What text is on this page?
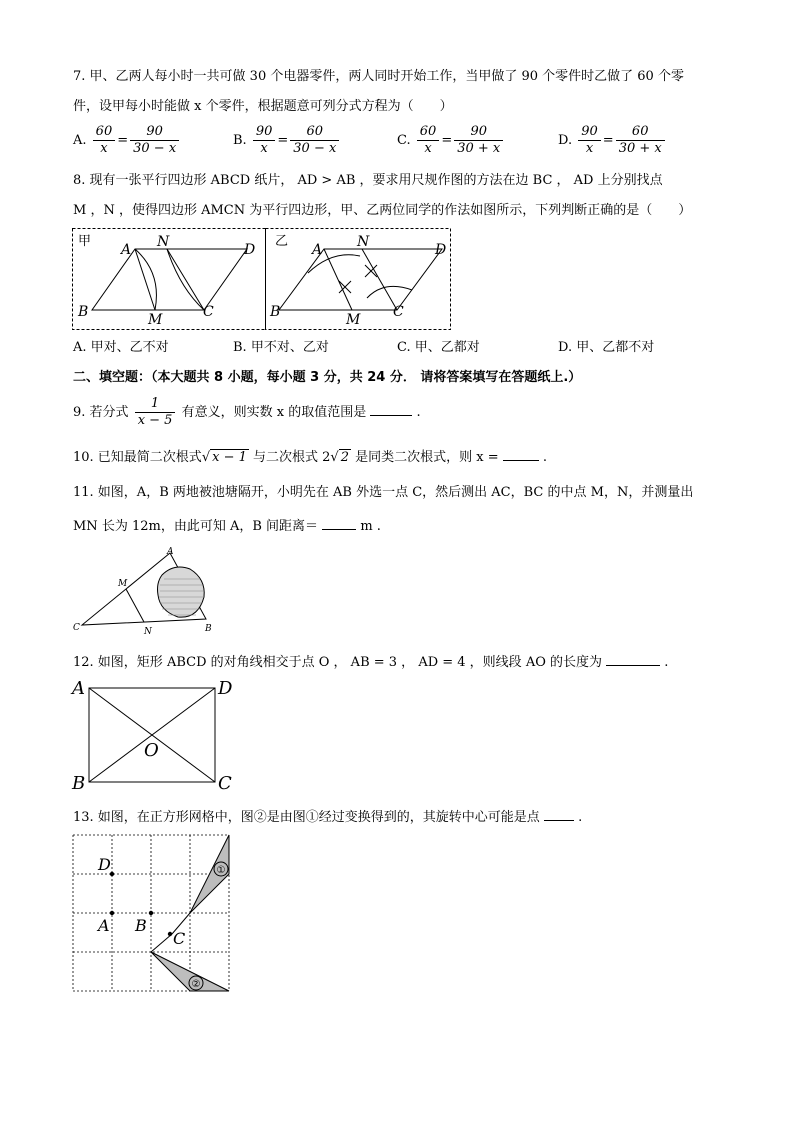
7. 甲、乙两人每小时一共可做 30 个电器零件，两人同时开始工作，当甲做了 90 个零件时乙做了 60 个零
件，设甲每小时能做 x 个零件，根据题意可列分式方程为（　　）
A. $\frac{60}{x} = \frac{90}{30 - x}$	B. $\frac{90}{x} = \frac{60}{30 - x}$	C. $\frac{60}{x} = \frac{90}{30 + x}$	D. $\frac{90}{x} = \frac{60}{30 + x}$
8. 现有一张平行四边形 ABCD 纸片， AD > AB ，要求用尺规作图的方法在边 BC ， AD 上分别找点
M ，N ，使得四边形 AMCN 为平行四边形，甲、乙两位同学的作法如图所示，下列判断正确的是（　　）
甲
A N	D
B	M	C
乙
A N	D
B	M C
A. 甲对、乙不对	B. 甲不对、乙对	C. 甲、乙都对	D. 甲、乙都不对
二、填空题：（本大题共 8 小题，每小题 3 分，共 24 分． 请将答案填写在答题纸上.）
9. 若分式 $\frac{1}{x - 5}$ 有意义，则实数 x 的取值范围是	.
10. 已知最简二次根式√ x − 1 与二次根式 2√ 2 是同类二次根式，则 x =	.
11. 如图，A，B 两地被池塘隔开，小明先在 AB 外选一点 C，然后测出 AC，BC 的中点 M，N，并测量出
MN 长为 12m，由此可知 A，B 间距离＝	m .
A
M
C	N	B
12. 如图，矩形 ABCD 的对角线相交于点 O ， AB = 3 ， AD = 4 ，则线段 AO 的长度为	.
A	D
O
B	C
13. 如图，在正方形网格中，图②是由图①经过变换得到的，其旋转中心可能是点	.
①
②
D
A B
C
